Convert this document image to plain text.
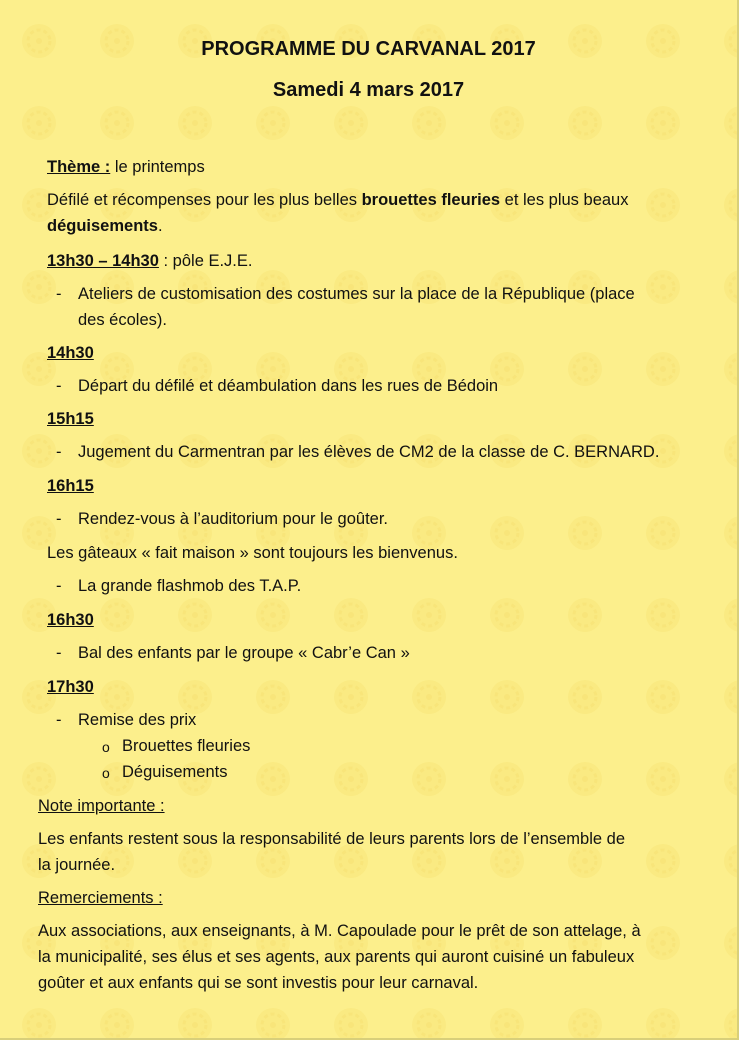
PROGRAMME DU CARVANAL 2017
Samedi 4 mars 2017
Thème : le printemps
Défilé et récompenses pour les plus belles brouettes fleuries et les plus beaux
déguisements.
13h30 – 14h30 : pôle E.J.E.
- Ateliers de customisation des costumes sur la place de la République (place
des écoles).
14h30
- Départ du défilé et déambulation dans les rues de Bédoin
15h15
- Jugement du Carmentran par les élèves de CM2 de la classe de C. BERNARD.
16h15
- Rendez-vous à l’auditorium pour le goûter.
Les gâteaux « fait maison » sont toujours les bienvenus.
- La grande flashmob des T.A.P.
16h30
- Bal des enfants par le groupe « Cabr’e Can »
17h30
- Remise des prix
o Brouettes fleuries
o Déguisements
Note importante :
Les enfants restent sous la responsabilité de leurs parents lors de l’ensemble de
la journée.
Remerciements :
Aux associations, aux enseignants, à M. Capoulade pour le prêt de son attelage, à
la municipalité, ses élus et ses agents, aux parents qui auront cuisiné un fabuleux
goûter et aux enfants qui se sont investis pour leur carnaval.
